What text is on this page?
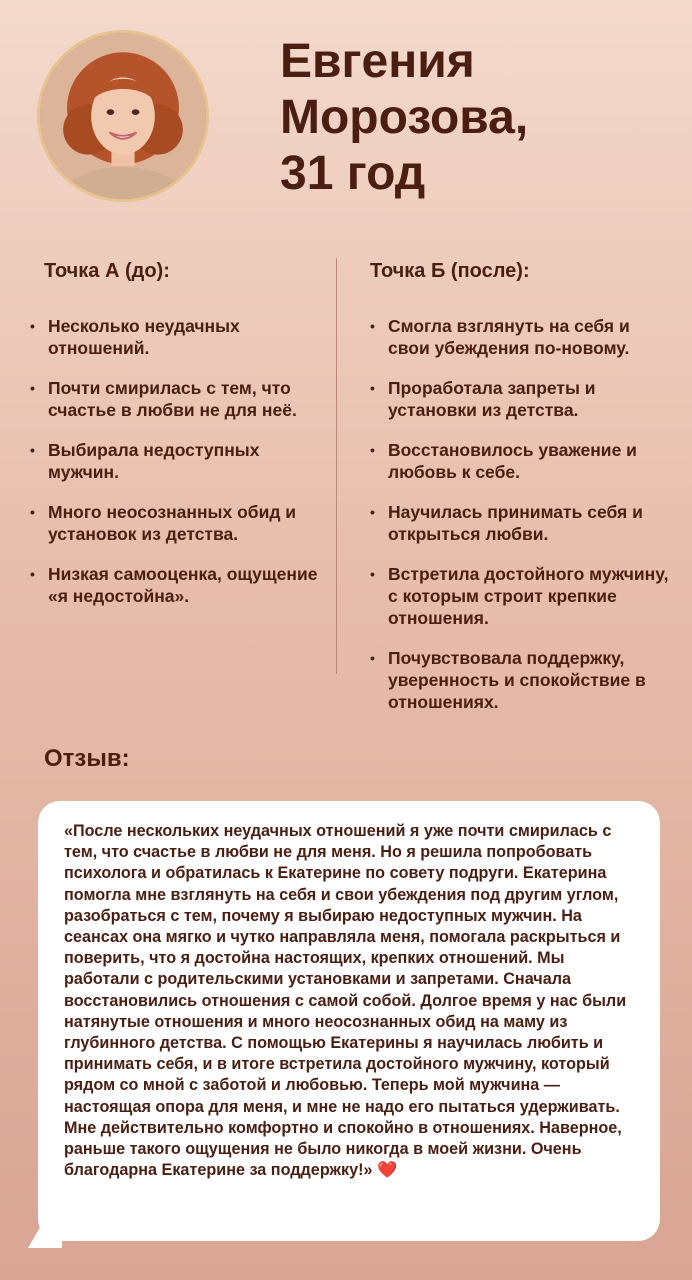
Евгения
Морозова,
31 год
Точка А (до):	Точка Б (после):
• Несколько неудачных отношений.
• Почти смирилась с тем, что счастье в любви не для неё.
• Выбирала недоступных мужчин.
• Много неосознанных обид и установок из детства.
• Низкая самооценка, ощущение «я недостойна».
• Смогла взглянуть на себя и свои убеждения по-новому.
• Проработала запреты и установки из детства.
• Восстановилось уважение и любовь к себе.
• Научилась принимать себя и открыться любви.
• Встретила достойного мужчину, с которым строит крепкие отношения.
• Почувствовала поддержку, уверенность и спокойствие в отношениях.
Отзыв:
«После нескольких неудачных отношений я уже почти смирилась с тем, что счастье в любви не для меня. Но я решила попробовать психолога и обратилась к Екатерине по совету подруги. Екатерина помогла мне взглянуть на себя и свои убеждения под другим углом, разобраться с тем, почему я выбираю недоступных мужчин. На сеансах она мягко и чутко направляла меня, помогала раскрыться и поверить, что я достойна настоящих, крепких отношений. Мы работали с родительскими установками и запретами. Сначала восстановились отношения с самой собой. Долгое время у нас были натянутые отношения и много неосознанных обид на маму из глубинного детства. С помощью Екатерины я научилась любить и принимать себя, и в итоге встретила достойного мужчину, который рядом со мной с заботой и любовью. Теперь мой мужчина — настоящая опора для меня, и мне не надо его пытаться удерживать. Мне действительно комфортно и спокойно в отношениях. Наверное, раньше такого ощущения не было никогда в моей жизни. Очень благодарна Екатерине за поддержку!» ❤️
